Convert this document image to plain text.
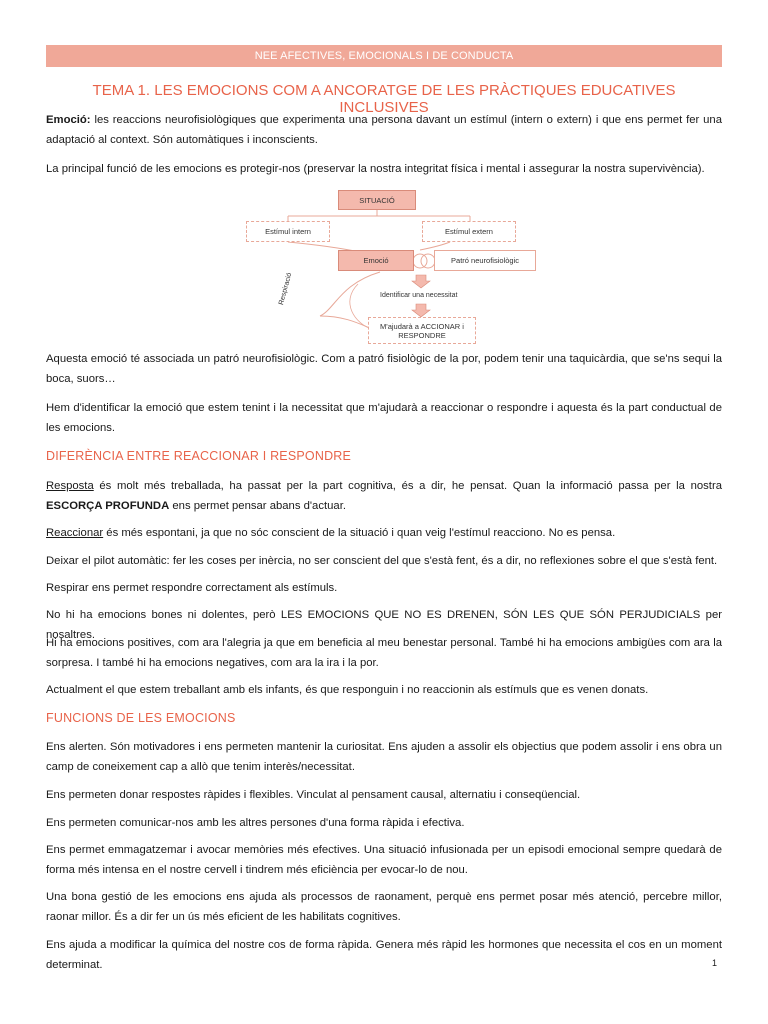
NEE AFECTIVES, EMOCIONALS I DE CONDUCTA
TEMA 1. LES EMOCIONS COM A ANCORATGE DE LES PRÀCTIQUES EDUCATIVES INCLUSIVES

Emoció: les reaccions neurofisiològiques que experimenta una persona davant un estímul (intern o extern) i que ens permet fer una adaptació al context. Són automàtiques i inconscients.

La principal funció de les emocions es protegir-nos (preservar la nostra integritat física i mental i assegurar la nostra supervivència).

SITUACIÓ
Estímul intern	Estímul extern
Emoció	Patró neurofisiològic
Identificar una necessitat
M'ajudarà a ACCIONAR i RESPONDRE
Respiració

Aquesta emoció té associada un patró neurofisiològic. Com a patró fisiològic de la por, podem tenir una taquicàrdia, que se'ns sequi la boca, suors…

Hem d'identificar la emoció que estem tenint i la necessitat que m'ajudarà a reaccionar o respondre i aquesta és la part conductual de les emocions.

DIFERÈNCIA ENTRE REACCIONAR I RESPONDRE

Resposta és molt més treballada, ha passat per la part cognitiva, és a dir, he pensat. Quan la informació passa per la nostra ESCORÇA PROFUNDA ens permet pensar abans d'actuar.

Reaccionar és més espontani, ja que no sóc conscient de la situació i quan veig l'estímul reacciono. No es pensa.

Deixar el pilot automàtic: fer les coses per inèrcia, no ser conscient del que s'està fent, és a dir, no reflexiones sobre el que s'està fent.

Respirar ens permet respondre correctament als estímuls.

No hi ha emocions bones ni dolentes, però LES EMOCIONS QUE NO ES DRENEN, SÓN LES QUE SÓN PERJUDICIALS per nosaltres.

Hi ha emocions positives, com ara l'alegria ja que em beneficia al meu benestar personal. També hi ha emocions ambigües com ara la sorpresa. I també hi ha emocions negatives, com ara la ira i la por.

Actualment el que estem treballant amb els infants, és que responguin i no reaccionin als estímuls que es venen donats.

FUNCIONS DE LES EMOCIONS

Ens alerten. Són motivadores i ens permeten mantenir la curiositat. Ens ajuden a assolir els objectius que podem assolir i ens obra un camp de coneixement cap a allò que tenim interès/necessitat.

Ens permeten donar respostes ràpides i flexibles. Vinculat al pensament causal, alternatiu i conseqüencial.

Ens permeten comunicar-nos amb les altres persones d'una forma ràpida i efectiva.

Ens permet emmagatzemar i avocar memòries més efectives. Una situació infusionada per un episodi emocional sempre quedarà de forma més intensa en el nostre cervell i tindrem més eficiència per evocar-lo de nou.

Una bona gestió de les emocions ens ajuda als processos de raonament, perquè ens permet posar més atenció, percebre millor, raonar millor. És a dir fer un ús més eficient de les habilitats cognitives.

Ens ajuda a modificar la química del nostre cos de forma ràpida. Genera més ràpid les hormones que necessita el cos en un moment determinat.	1
